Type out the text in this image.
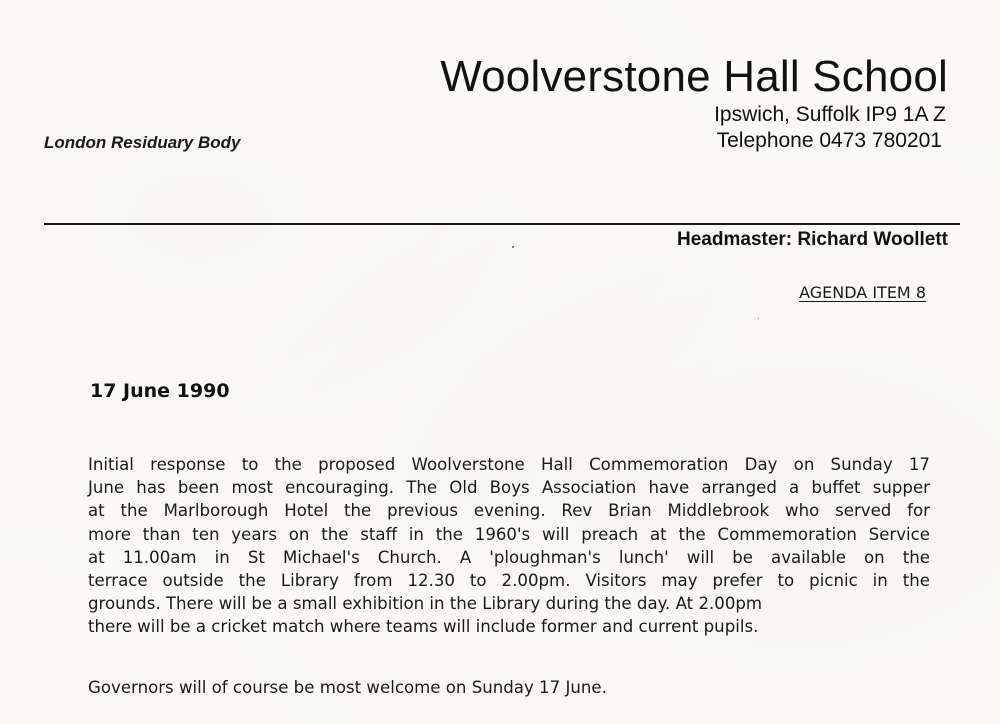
Woolverstone Hall School
Ipswich, Suffolk IP9 1A Z
Telephone 0473 780201
London Residuary Body
Headmaster: Richard Woollett
AGENDA ITEM 8
17 June 1990
Initial response to the proposed Woolverstone Hall Commemoration Day on Sunday 17
June has been most encouraging. The Old Boys Association have arranged a buffet supper
at the Marlborough Hotel the previous evening. Rev Brian Middlebrook who served for
more than ten years on the staff in the 1960's will preach at the Commemoration Service
at 11.00am in St Michael's Church. A 'ploughman's lunch' will be available on the
terrace outside the Library from 12.30 to 2.00pm. Visitors may prefer to picnic in the
grounds. There will be a small exhibition in the Library during the day. At 2.00pm
there will be a cricket match where teams will include former and current pupils.
Governors will of course be most welcome on Sunday 17 June.
